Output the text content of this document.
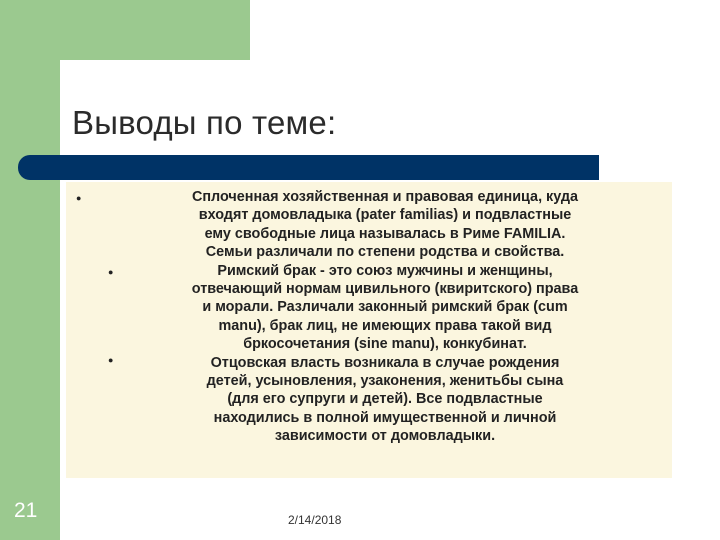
Выводы по теме:
●
●
●

Сплоченная хозяйственная и правовая единица, куда
входят домовладыка (pater familias) и подвластные
ему свободные лица называлась в Риме FAMILIA.
Семьи различали по степени родства и свойства.
Римский брак - это союз мужчины и женщины,
отвечающий нормам цивильного (квиритского) права
и морали. Различали законный римский брак (cum
manu), брак лиц, не имеющих права такой вид
бркосочетания (sine manu), конкубинат.
Отцовская власть возникала в случае рождения
детей, усыновления, узаконения, женитьбы сына
(для его супруги и детей). Все подвластные
находились в полной имущественной и личной
зависимости от домовладыки.

21	2/14/2018
